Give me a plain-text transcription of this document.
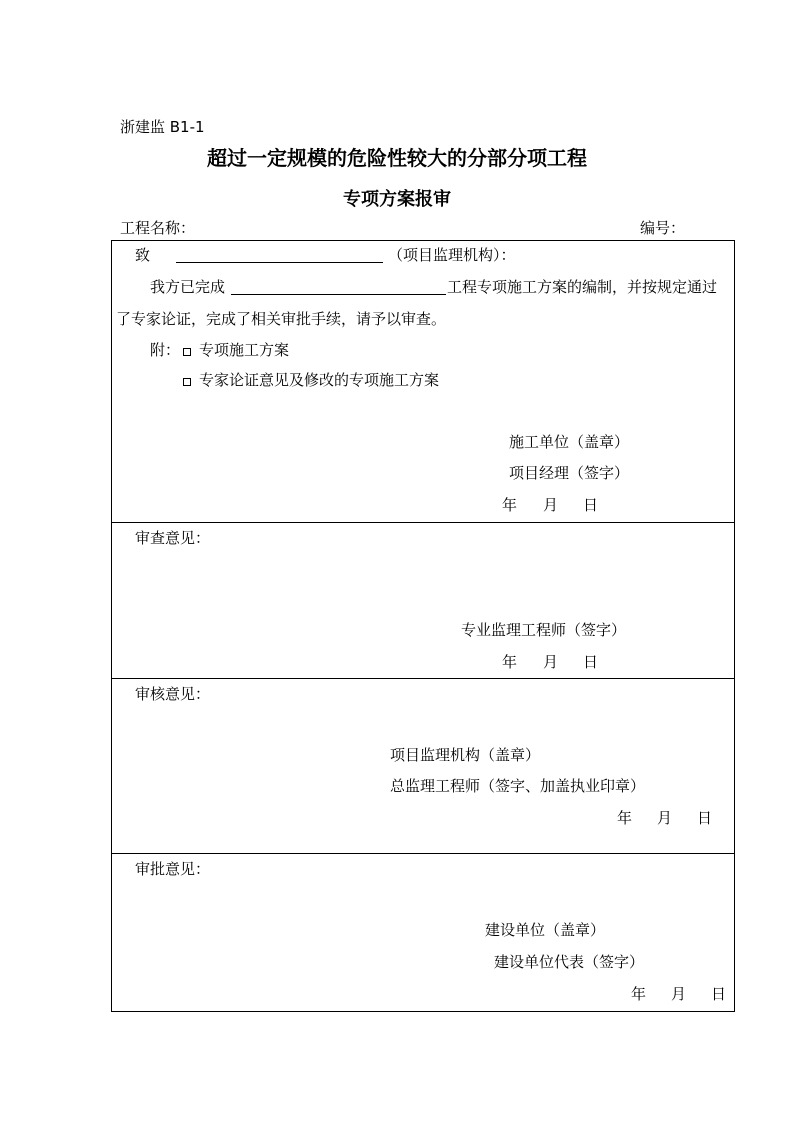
浙建监 B1-1
超过一定规模的危险性较大的分部分项工程
专项方案报审
工程名称：	编号：
致	（项目监理机构）：
我方已完成	工程专项施工方案的编制，并按规定通过
了专家论证，完成了相关审批手续，请予以审查。
附：	专项施工方案
专家论证意见及修改的专项施工方案
施工单位（盖章）
项目经理（签字）
年 月 日
审查意见：
专业监理工程师（签字）
年 月 日
审核意见：
项目监理机构（盖章）
总监理工程师（签字、加盖执业印章）
年 月 日
审批意见：
建设单位（盖章）
建设单位代表（签字）
年 月 日
